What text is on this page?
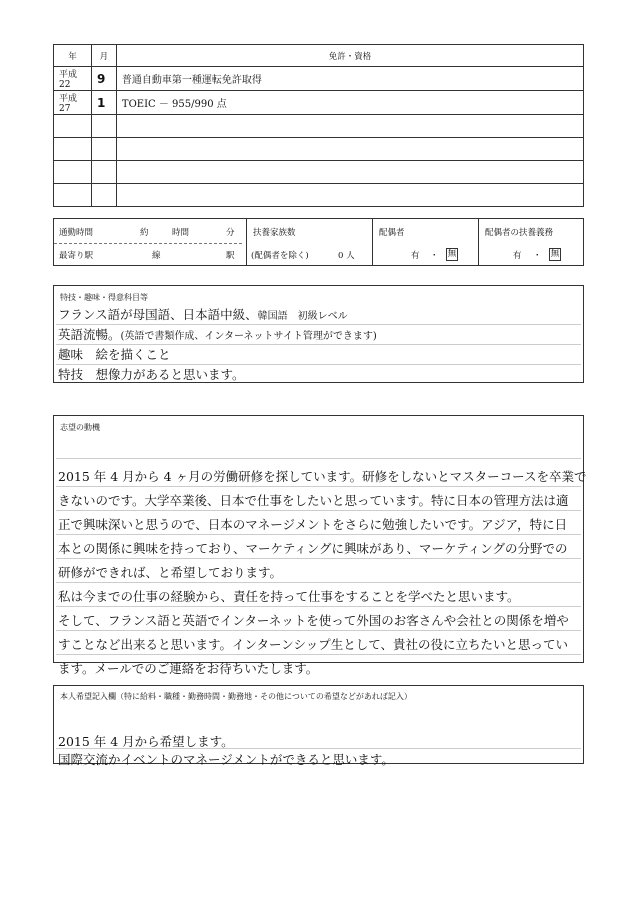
年	月	免許・資格
平成 22	9	普通自動車第一種運転免許取得
平成 27	1	TOEIC － 955/990 点

通勤時間	約	時間	分
最寄り駅	線	駅
扶養家族数
(配偶者を除く)	0 人
配偶者
有 ・ 無
配偶者の扶養義務
有 ・ 無
特技・趣味・得意科目等
フランス語が母国語、日本語中級、韓国語　初級レベル
英語流暢。(英語で書類作成、インターネットサイト管理ができます)
趣味　絵を描くこと
特技　想像力があると思います。
志望の動機
2015 年 4 月から 4 ヶ月の労働研修を探しています。研修をしないとマスターコースを卒業で
きないのです。大学卒業後、日本で仕事をしたいと思っています。特に日本の管理方法は適
正で興味深いと思うので、日本のマネージメントをさらに勉強したいです。アジア，特に日
本との関係に興味を持っており、マーケティングに興味があり、マーケティングの分野での
研修ができれば、と希望しております。
私は今までの仕事の経験から、責任を持って仕事をすることを学べたと思います。
そして、フランス語と英語でインターネットを使って外国のお客さんや会社との関係を増や
すことなど出来ると思います。インターンシップ生として、貴社の役に立ちたいと思ってい
ます。メールでのご連絡をお待ちいたします。
本人希望記入欄（特に給料・職種・勤務時間・勤務地・その他についての希望などがあれば記入）
2015 年 4 月から希望します。
国際交流かイベントのマネージメントができると思います。
